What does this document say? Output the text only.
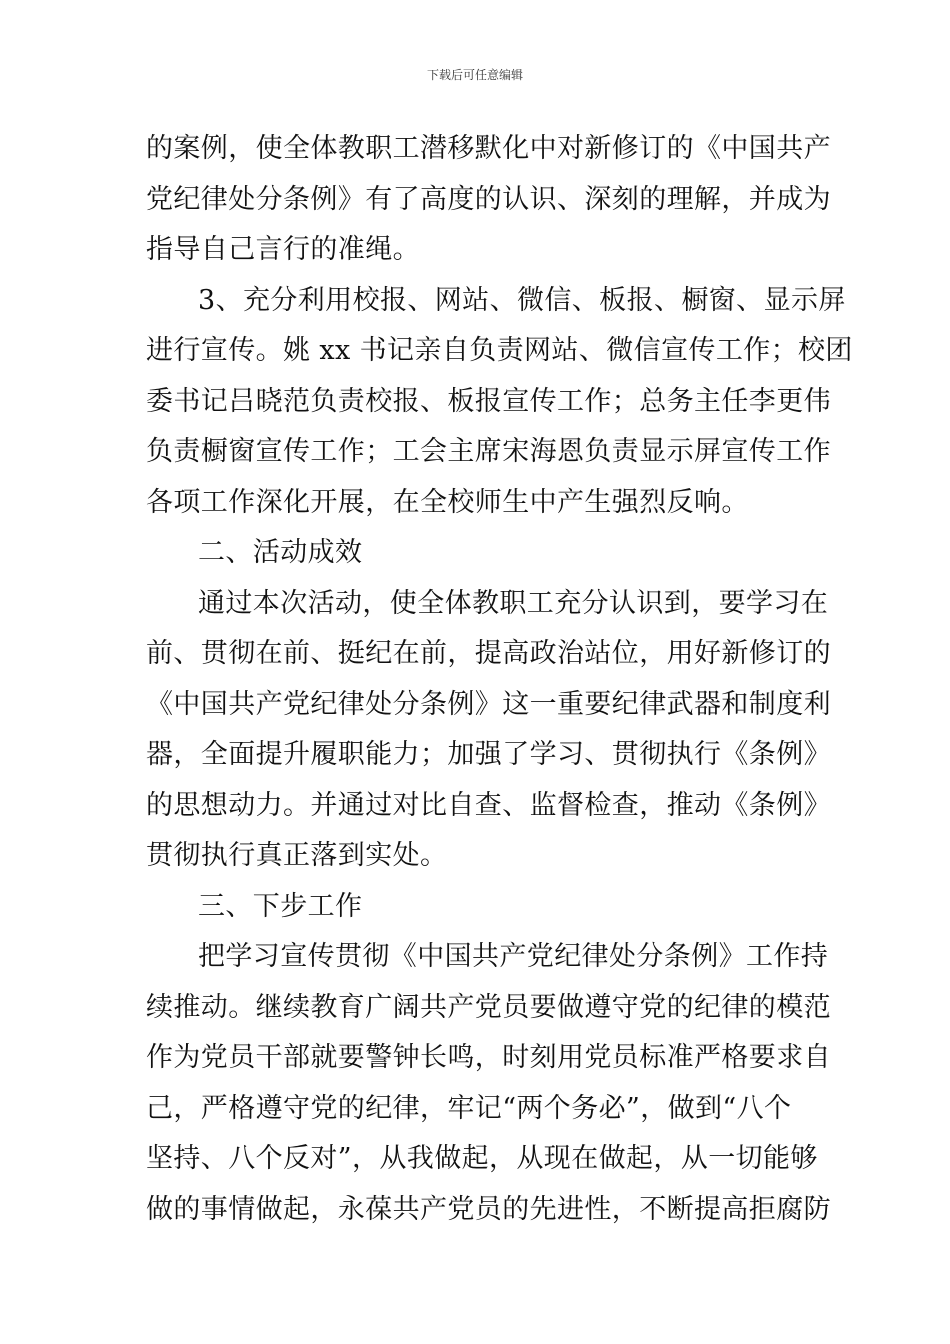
下载后可任意编辑
的案例，使全体教职工潜移默化中对新修订的《中国共产
党纪律处分条例》有了高度的认识、深刻的理解，并成为
指导自己言行的准绳。
3、充分利用校报、网站、微信、板报、橱窗、显示屏
进行宣传。姚 xx 书记亲自负责网站、微信宣传工作；校团
委书记吕晓范负责校报、板报宣传工作；总务主任李更伟
负责橱窗宣传工作；工会主席宋海恩负责显示屏宣传工作
各项工作深化开展，在全校师生中产生强烈反响。
二、活动成效
通过本次活动，使全体教职工充分认识到，要学习在
前、贯彻在前、挺纪在前，提高政治站位，用好新修订的
《中国共产党纪律处分条例》这一重要纪律武器和制度利
器，全面提升履职能力；加强了学习、贯彻执行《条例》
的思想动力。并通过对比自查、监督检查，推动《条例》
贯彻执行真正落到实处。
三、下步工作
把学习宣传贯彻《中国共产党纪律处分条例》工作持
续推动。继续教育广阔共产党员要做遵守党的纪律的模范
作为党员干部就要警钟长鸣，时刻用党员标准严格要求自
己，严格遵守党的纪律，牢记“两个务必”，做到“八个
坚持、八个反对”，从我做起，从现在做起，从一切能够
做的事情做起，永葆共产党员的先进性，不断提高拒腐防
